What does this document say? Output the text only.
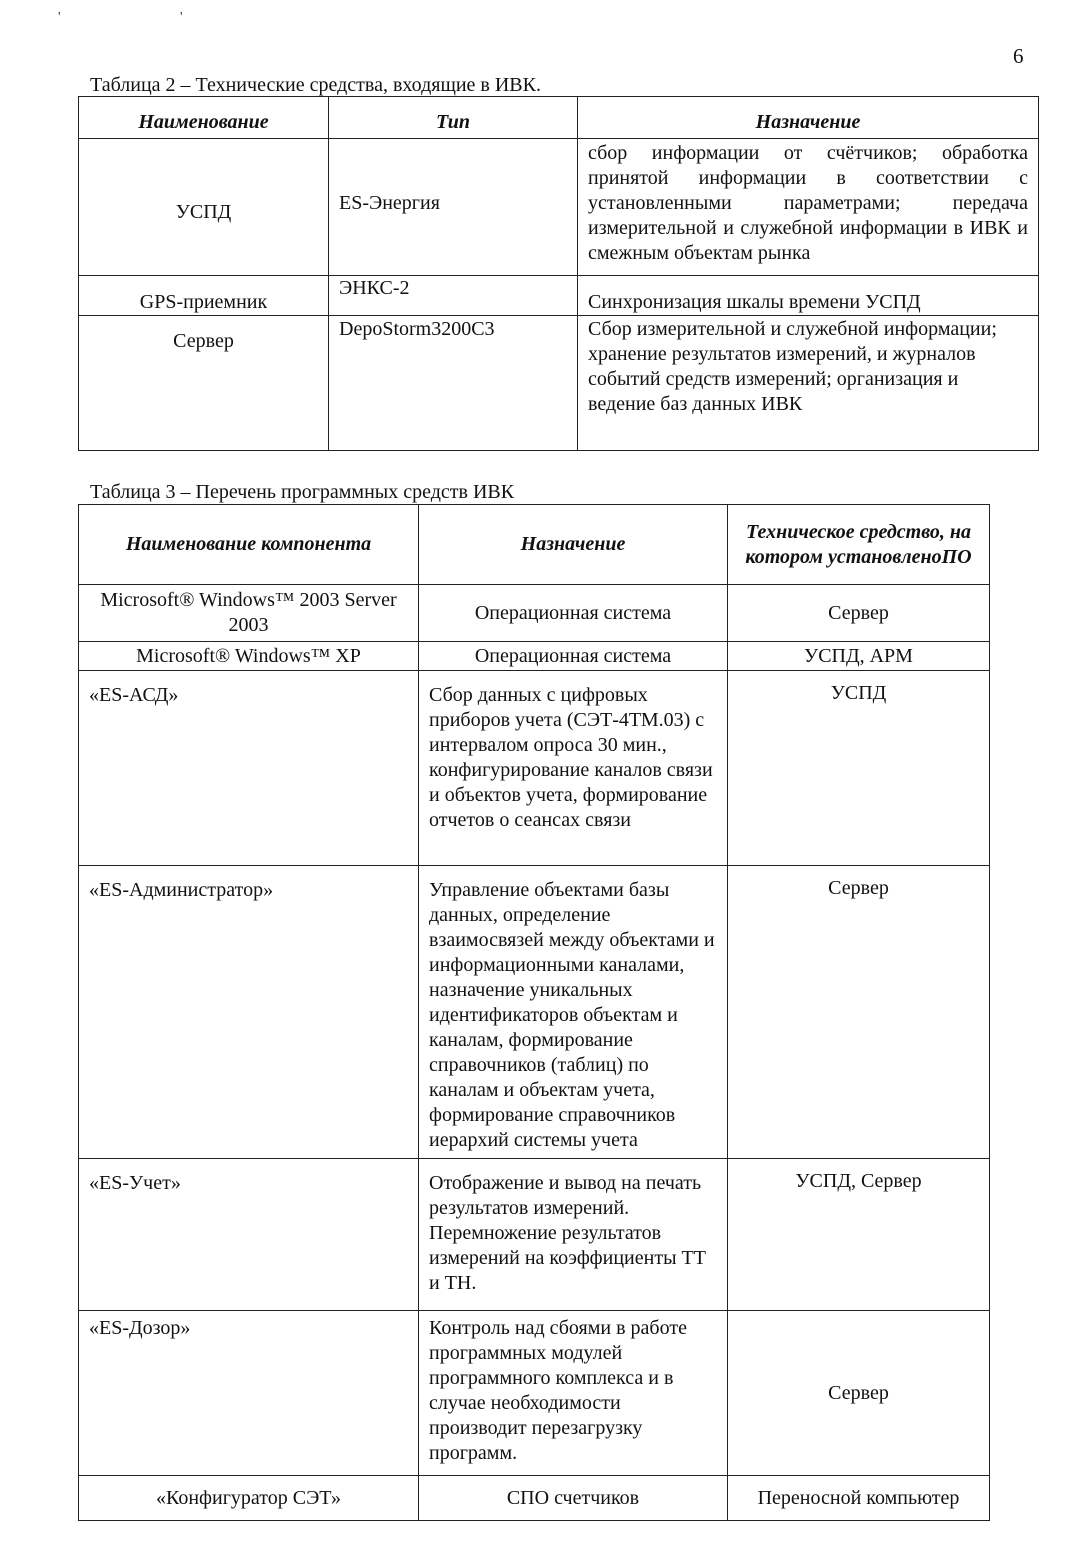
' '
6
Таблица 2 – Технические средства, входящие в ИВК.
Наименование	Тип	Назначение
УСПД	ES-Энергия	сбор информации от счётчиков; обработка принятой информации в соответствии с установленными параметрами; передача измерительной и служебной информации в ИВК и смежным объектам рынка
GPS-приемник	ЭНКС-2	Синхронизация шкалы времени УСПД
Сервер	DepoStorm3200C3	Сбор измерительной и служебной информации; хранение результатов измерений, и журналов событий средств измерений; организация и ведение баз данных ИВК
Таблица 3 – Перечень программных средств ИВК
Наименование компонента	Назначение	Техническое средство, на котором установленоПО
Microsoft® Windows™ 2003 Server 2003	Операционная система	Сервер
Microsoft® Windows™ XP	Операционная система	УСПД, АРМ
«ES-АСД»	Сбор данных с цифровых приборов учета (СЭТ-4ТМ.03) с интервалом опроса 30 мин., конфигурирование каналов связи и объектов учета, формирование отчетов о сеансах связи	УСПД
«ES-Администратор»	Управление объектами базы данных, определение взаимосвязей между объектами и информационными каналами, назначение уникальных идентификаторов объектам и каналам, формирование справочников (таблиц) по каналам и объектам учета, формирование справочников иерархий системы учета	Сервер
«ES-Учет»	Отображение и вывод на печать результатов измерений. Перемножение результатов измерений на коэффициенты ТТ и ТН.	УСПД, Сервер
«ES-Дозор»	Контроль над сбоями в работе программных модулей программного комплекса и в случае необходимости производит перезагрузку программ.	Сервер
«Конфигуратор СЭТ»	СПО счетчиков	Переносной компьютер
